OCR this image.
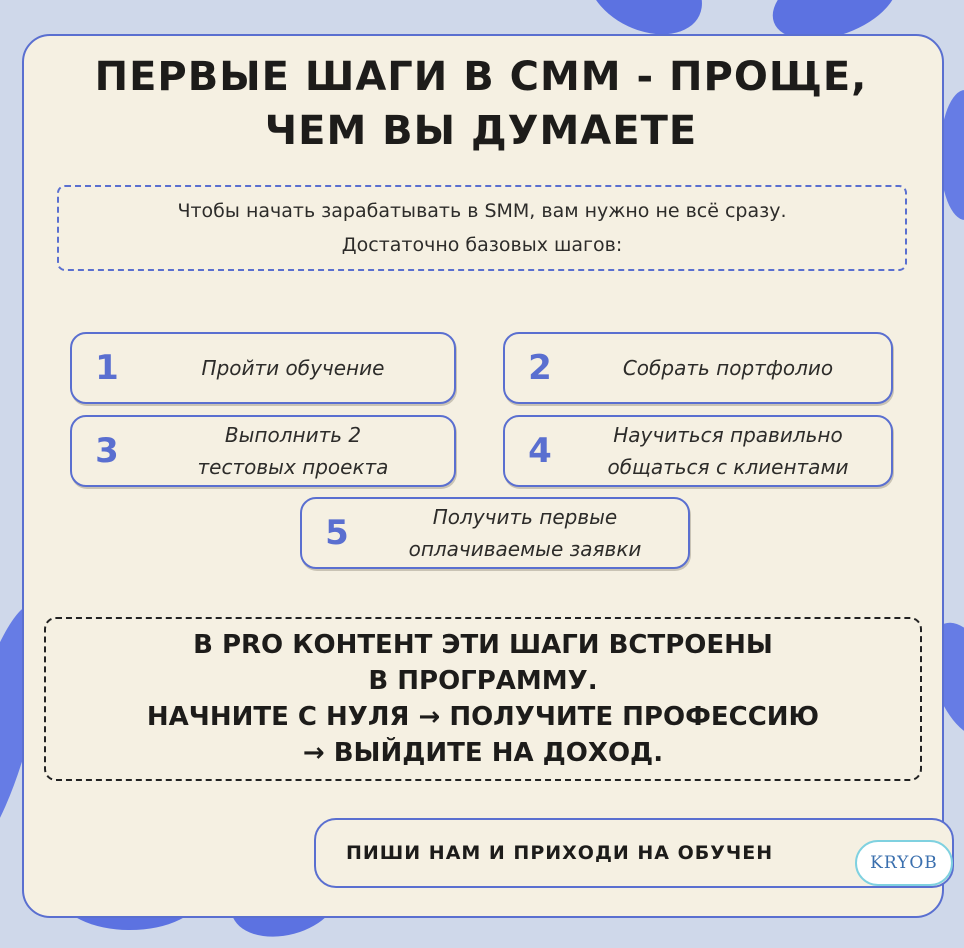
ПЕРВЫЕ ШАГИ В СММ - ПРОЩЕ,
ЧЕМ ВЫ ДУМАЕТЕ
Чтобы начать зарабатывать в SMM, вам нужно не всё сразу.
Достаточно базовых шагов:
1	Пройти обучение	2	Собрать портфолио
3	Выполнить 2
тестовых проекта	4	Научиться правильно
общаться с клиентами
5	Получить первые
оплачиваемые заявки
В PRO КОНТЕНТ ЭТИ ШАГИ ВСТРОЕНЫ
В ПРОГРАММУ.
НАЧНИТЕ С НУЛЯ → ПОЛУЧИТЕ ПРОФЕССИЮ
→ ВЫЙДИТЕ НА ДОХОД.
ПИШИ НАМ И ПРИХОДИ НА ОБУЧЕН	KRYOB
